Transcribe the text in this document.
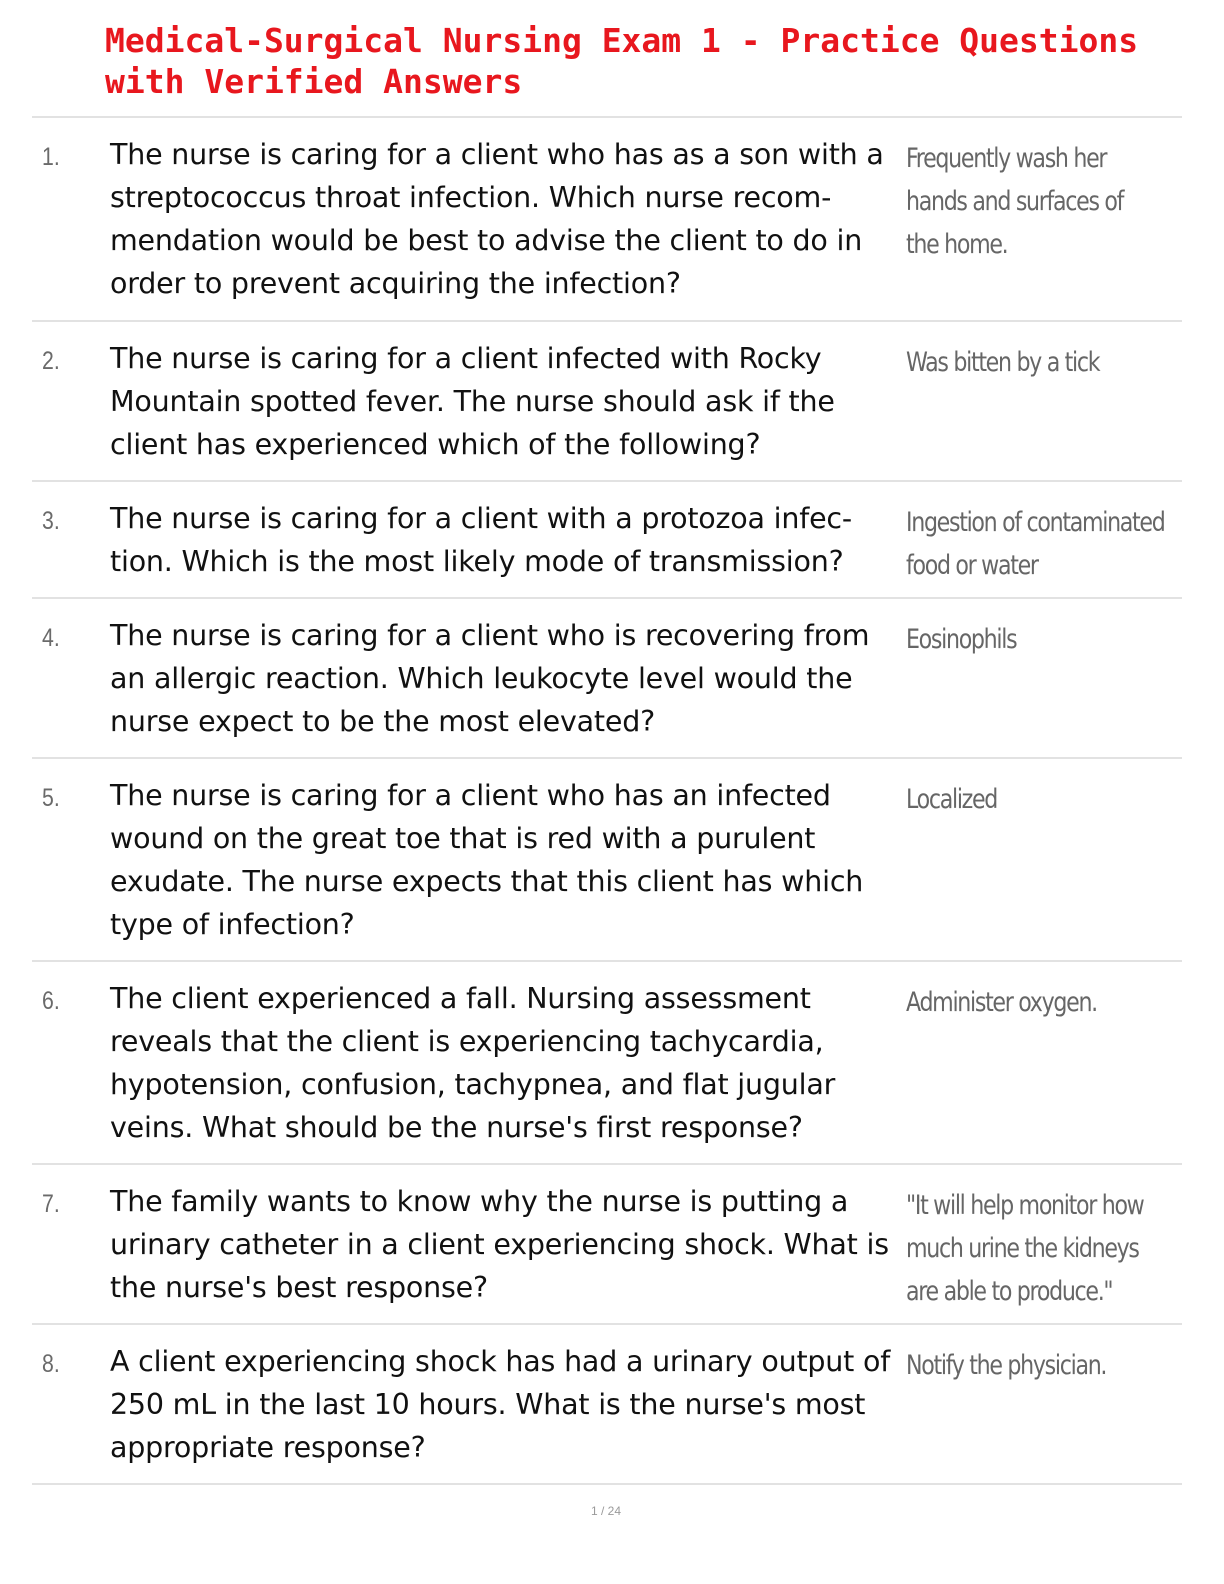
Medical-Surgical Nursing Exam 1 - Practice Questions
with Verified Answers
1. The nurse is caring for a client who has as a son with a streptococcus throat infection. Which nurse recom- mendation would be best to advise the client to do in order to prevent acquiring the infection?
Frequently wash her hands and surfaces of the home.
2. The nurse is caring for a client infected with Rocky Mountain spotted fever. The nurse should ask if the client has experienced which of the following?
Was bitten by a tick
3. The nurse is caring for a client with a protozoa infec- tion. Which is the most likely mode of transmission?
Ingestion of contaminated food or water
4. The nurse is caring for a client who is recovering from an allergic reaction. Which leukocyte level would the nurse expect to be the most elevated?
Eosinophils
5. The nurse is caring for a client who has an infected wound on the great toe that is red with a purulent exudate. The nurse expects that this client has which type of infection?
Localized
6. The client experienced a fall. Nursing assessment reveals that the client is experiencing tachycardia, hypotension, confusion, tachypnea, and flat jugular veins. What should be the nurse's first response?
Administer oxygen.
7. The family wants to know why the nurse is putting a urinary catheter in a client experiencing shock. What is the nurse's best response?
"It will help monitor how much urine the kidneys are able to produce."
8. A client experiencing shock has had a urinary output of 250 mL in the last 10 hours. What is the nurse's most appropriate response?
Notify the physician.
1 / 24
